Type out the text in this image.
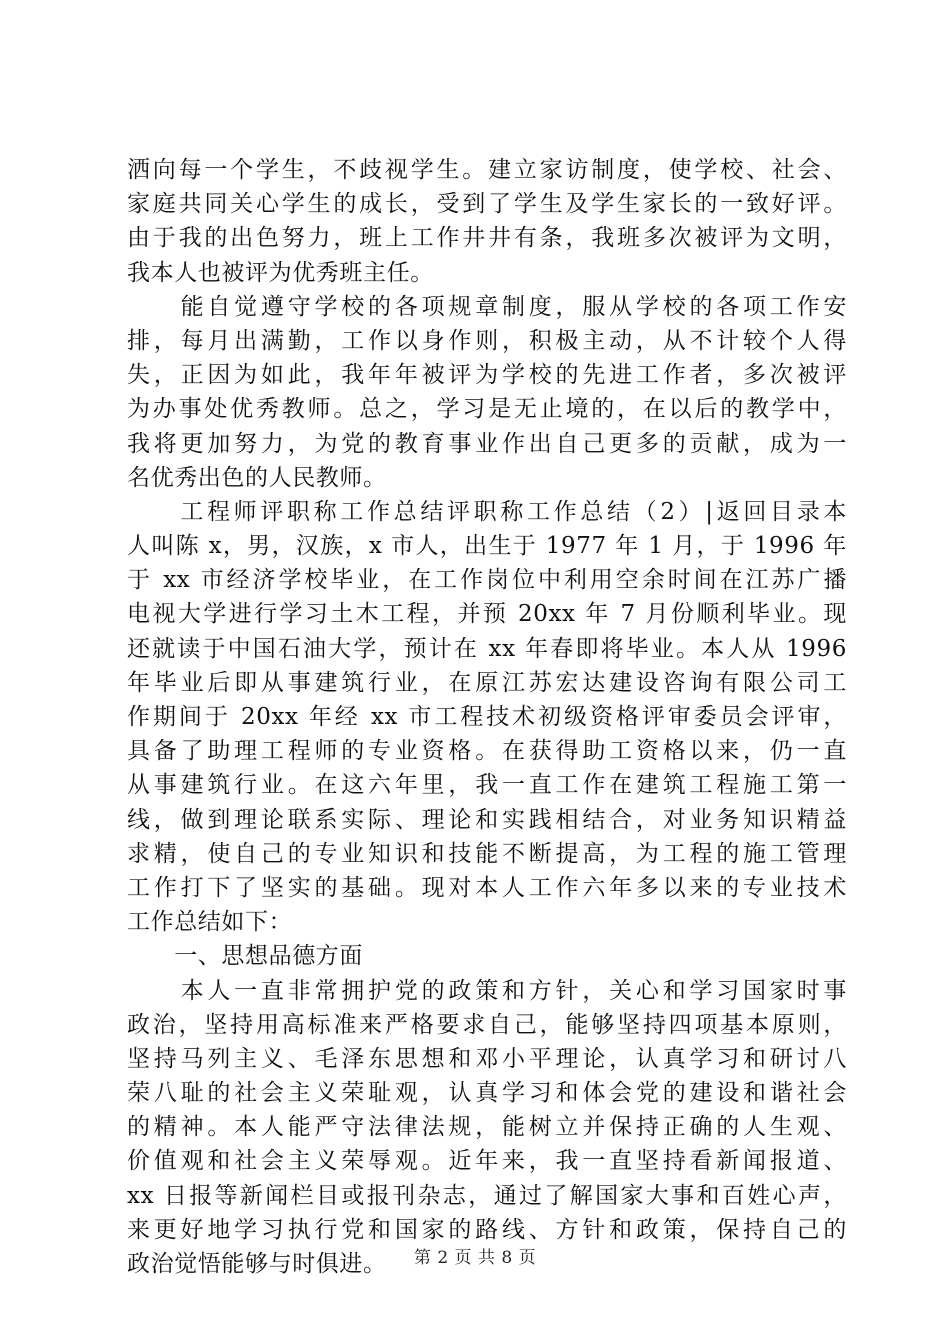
洒向每一个学生，不歧视学生。建立家访制度，使学校、社会、
家庭共同关心学生的成长，受到了学生及学生家长的一致好评。
由于我的出色努力，班上工作井井有条，我班多次被评为文明，
我本人也被评为优秀班主任。
　　能自觉遵守学校的各项规章制度，服从学校的各项工作安
排，每月出满勤，工作以身作则，积极主动，从不计较个人得
失，正因为如此，我年年被评为学校的先进工作者，多次被评
为办事处优秀教师。总之，学习是无止境的，在以后的教学中，
我将更加努力，为党的教育事业作出自己更多的贡献，成为一
名优秀出色的人民教师。
　　工程师评职称工作总结评职称工作总结（2）|返回目录本
人叫陈 x，男，汉族，x 市人，出生于 1977 年 1 月，于 1996 年
于 xx 市经济学校毕业，在工作岗位中利用空余时间在江苏广播
电视大学进行学习土木工程，并预 20xx 年 7 月份顺利毕业。现
还就读于中国石油大学，预计在 xx 年春即将毕业。本人从 1996
年毕业后即从事建筑行业，在原江苏宏达建设咨询有限公司工
作期间于 20xx 年经 xx 市工程技术初级资格评审委员会评审，
具备了助理工程师的专业资格。在获得助工资格以来，仍一直
从事建筑行业。在这六年里，我一直工作在建筑工程施工第一
线，做到理论联系实际、理论和实践相结合，对业务知识精益
求精，使自己的专业知识和技能不断提高，为工程的施工管理
工作打下了坚实的基础。现对本人工作六年多以来的专业技术
工作总结如下：
　　一、思想品德方面
　　本人一直非常拥护党的政策和方针，关心和学习国家时事
政治，坚持用高标准来严格要求自己，能够坚持四项基本原则，
坚持马列主义、毛泽东思想和邓小平理论，认真学习和研讨八
荣八耻的社会主义荣耻观，认真学习和体会党的建设和谐社会
的精神。本人能严守法律法规，能树立并保持正确的人生观、
价值观和社会主义荣辱观。近年来，我一直坚持看新闻报道、
xx 日报等新闻栏目或报刊杂志，通过了解国家大事和百姓心声，
来更好地学习执行党和国家的路线、方针和政策，保持自己的
政治觉悟能够与时俱进。	第 2 页 共 8 页
